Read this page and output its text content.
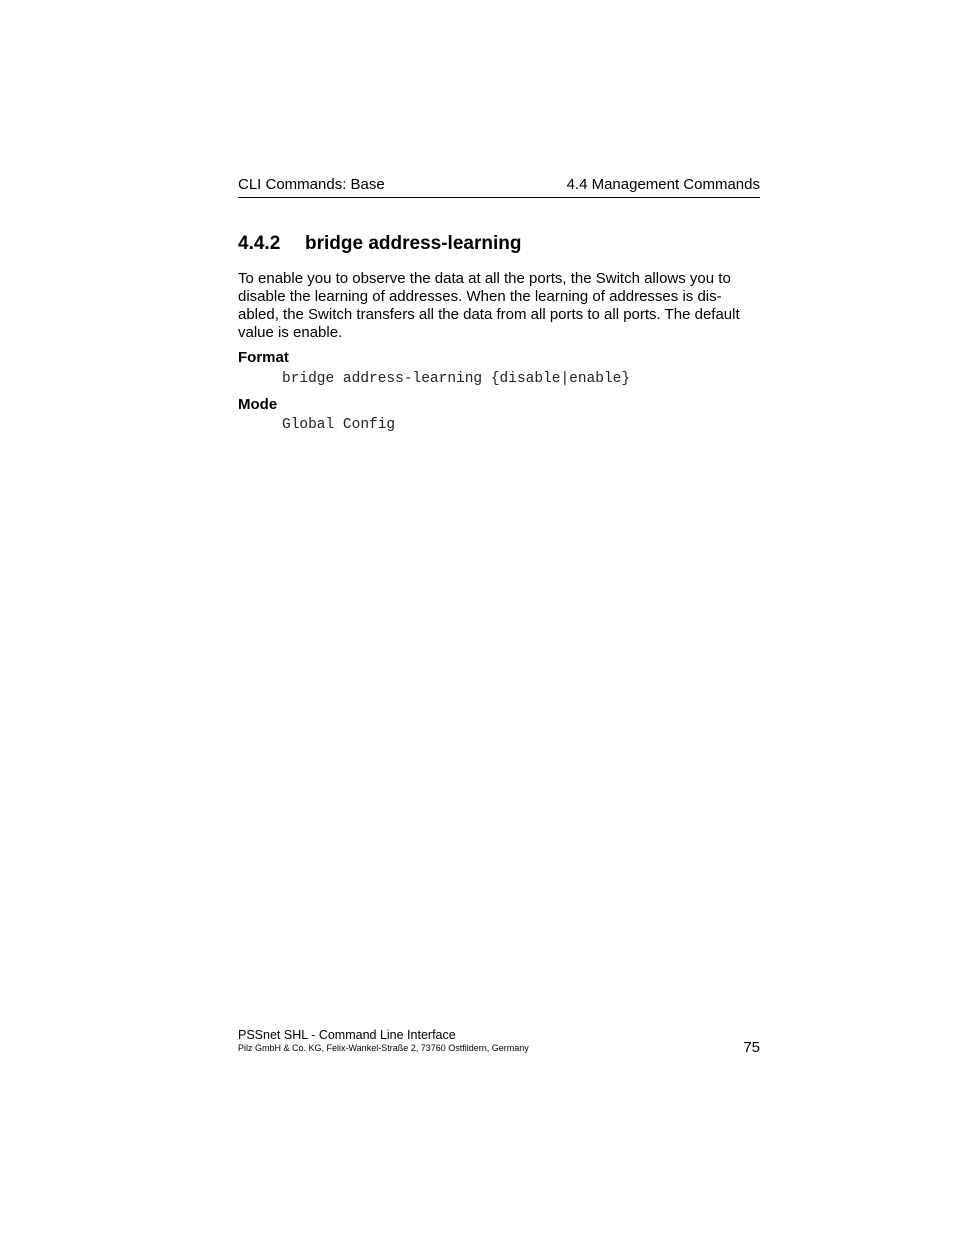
CLI Commands: Base	4.4 Management Commands
4.4.2 bridge address-learning

To enable you to observe the data at all the ports, the Switch allows you to
disable the learning of addresses. When the learning of addresses is dis-
abled, the Switch transfers all the data from all ports to all ports. The default
value is enable.

Format
bridge address-learning {disable|enable}
Mode
Global Config
PSSnet SHL - Command Line Interface
Pilz GmbH & Co. KG, Felix-Wankel-Straße 2, 73760 Ostfildern, Germany	75
